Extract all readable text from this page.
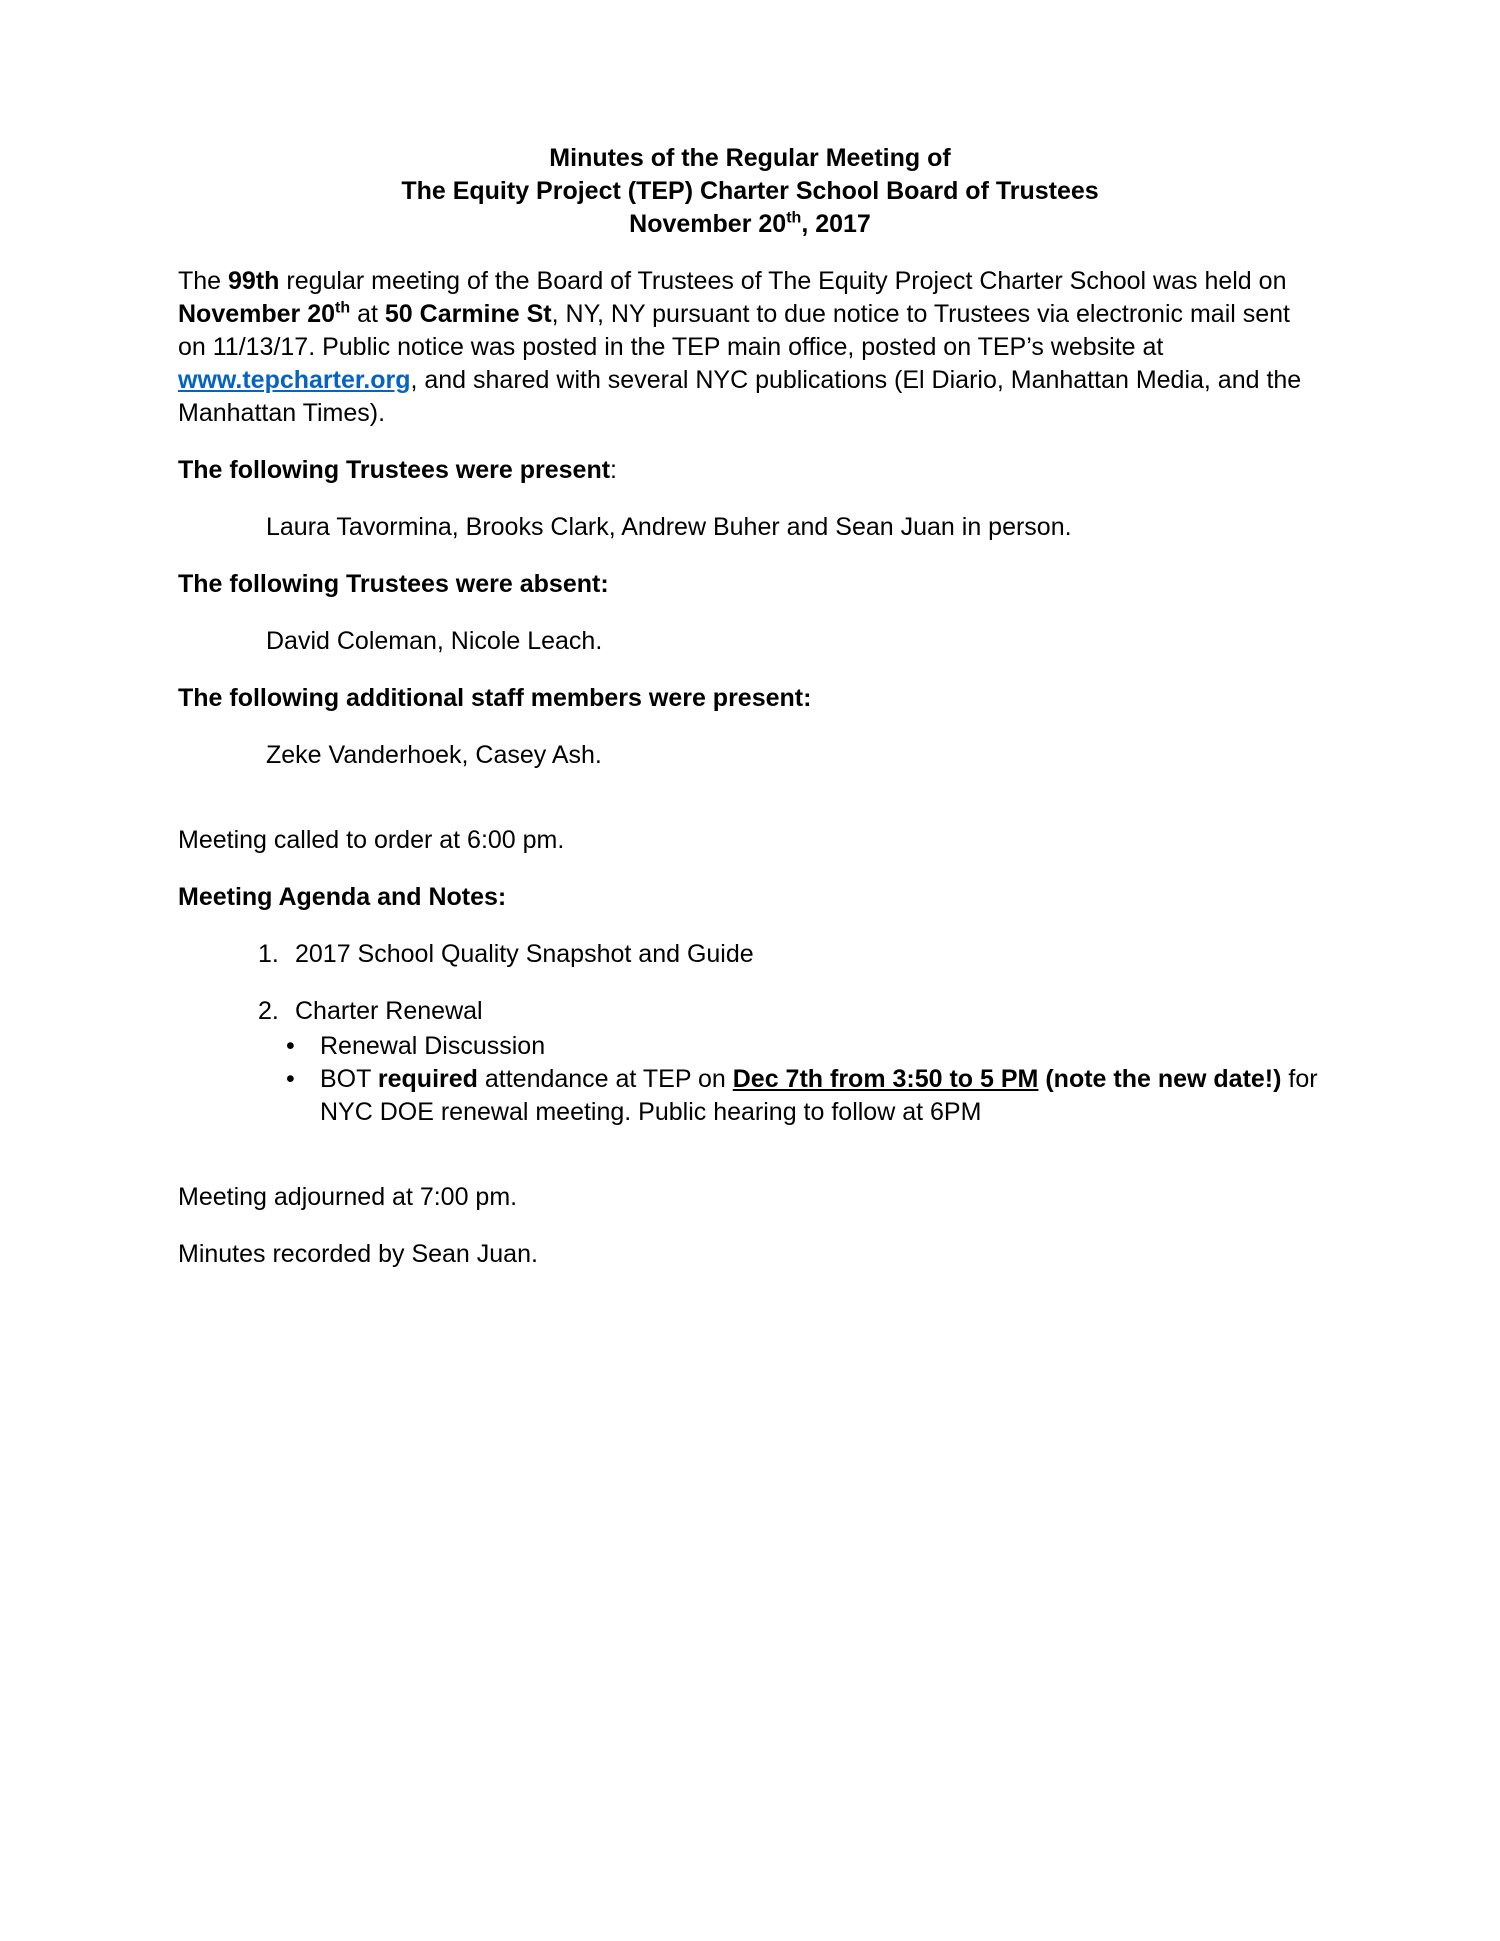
Minutes of the Regular Meeting of
The Equity Project (TEP) Charter School Board of Trustees
November 20th, 2017

The 99th regular meeting of the Board of Trustees of The Equity Project Charter School was held on November 20th at 50 Carmine St, NY, NY pursuant to due notice to Trustees via electronic mail sent on 11/13/17. Public notice was posted in the TEP main office, posted on TEP’s website at www.tepcharter.org, and shared with several NYC publications (El Diario, Manhattan Media, and the Manhattan Times).

The following Trustees were present:

Laura Tavormina, Brooks Clark, Andrew Buher and Sean Juan in person.

The following Trustees were absent:

David Coleman, Nicole Leach.

The following additional staff members were present:

Zeke Vanderhoek, Casey Ash.

Meeting called to order at 6:00 pm.

Meeting Agenda and Notes:

1. 2017 School Quality Snapshot and Guide
2. Charter Renewal
•	Renewal Discussion
•	BOT required attendance at TEP on Dec 7th from 3:50 to 5 PM (note the new date!) for NYC DOE renewal meeting. Public hearing to follow at 6PM

Meeting adjourned at 7:00 pm.

Minutes recorded by Sean Juan.
